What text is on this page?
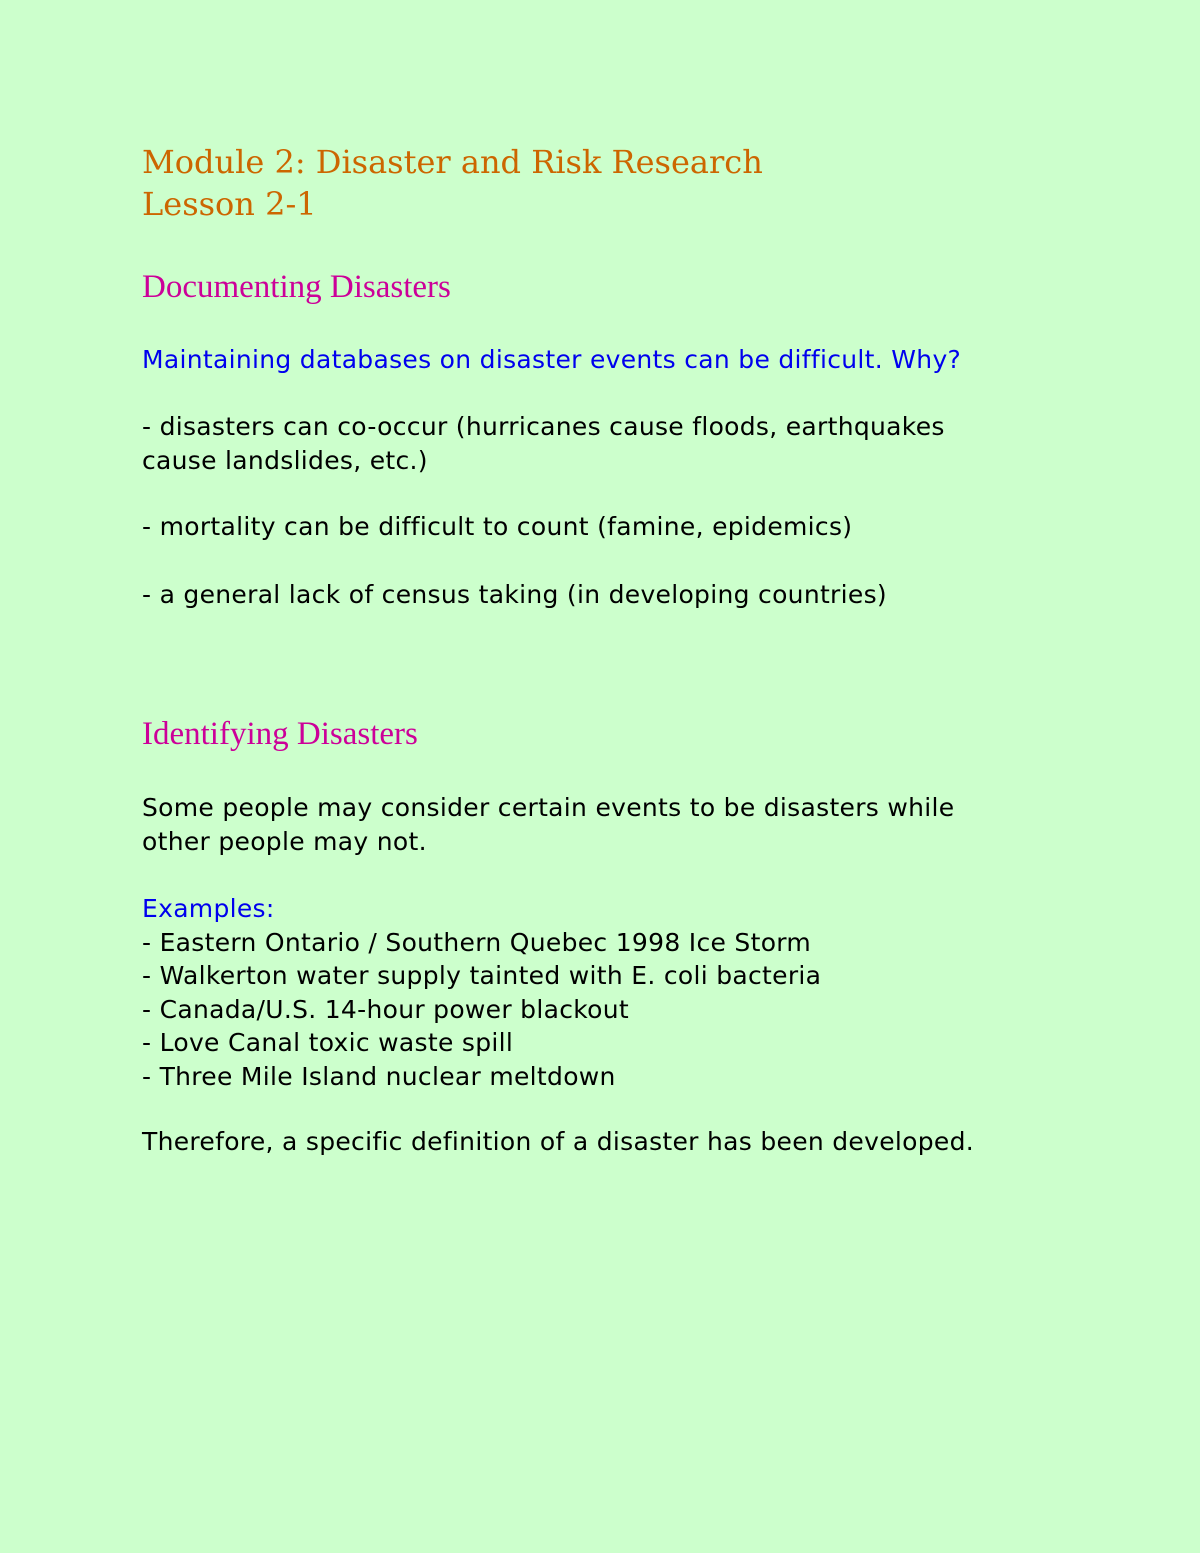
Module 2: Disaster and Risk Research
Lesson 2-1
Documenting Disasters
Maintaining databases on disaster events can be difficult. Why?
- disasters can co-occur (hurricanes cause floods, earthquakes
cause landslides, etc.)
- mortality can be difficult to count (famine, epidemics)
- a general lack of census taking (in developing countries)
Identifying Disasters
Some people may consider certain events to be disasters while
other people may not.
Examples:
- Eastern Ontario / Southern Quebec 1998 Ice Storm
- Walkerton water supply tainted with E. coli bacteria
- Canada/U.S. 14-hour power blackout
- Love Canal toxic waste spill
- Three Mile Island nuclear meltdown
Therefore, a specific definition of a disaster has been developed.
